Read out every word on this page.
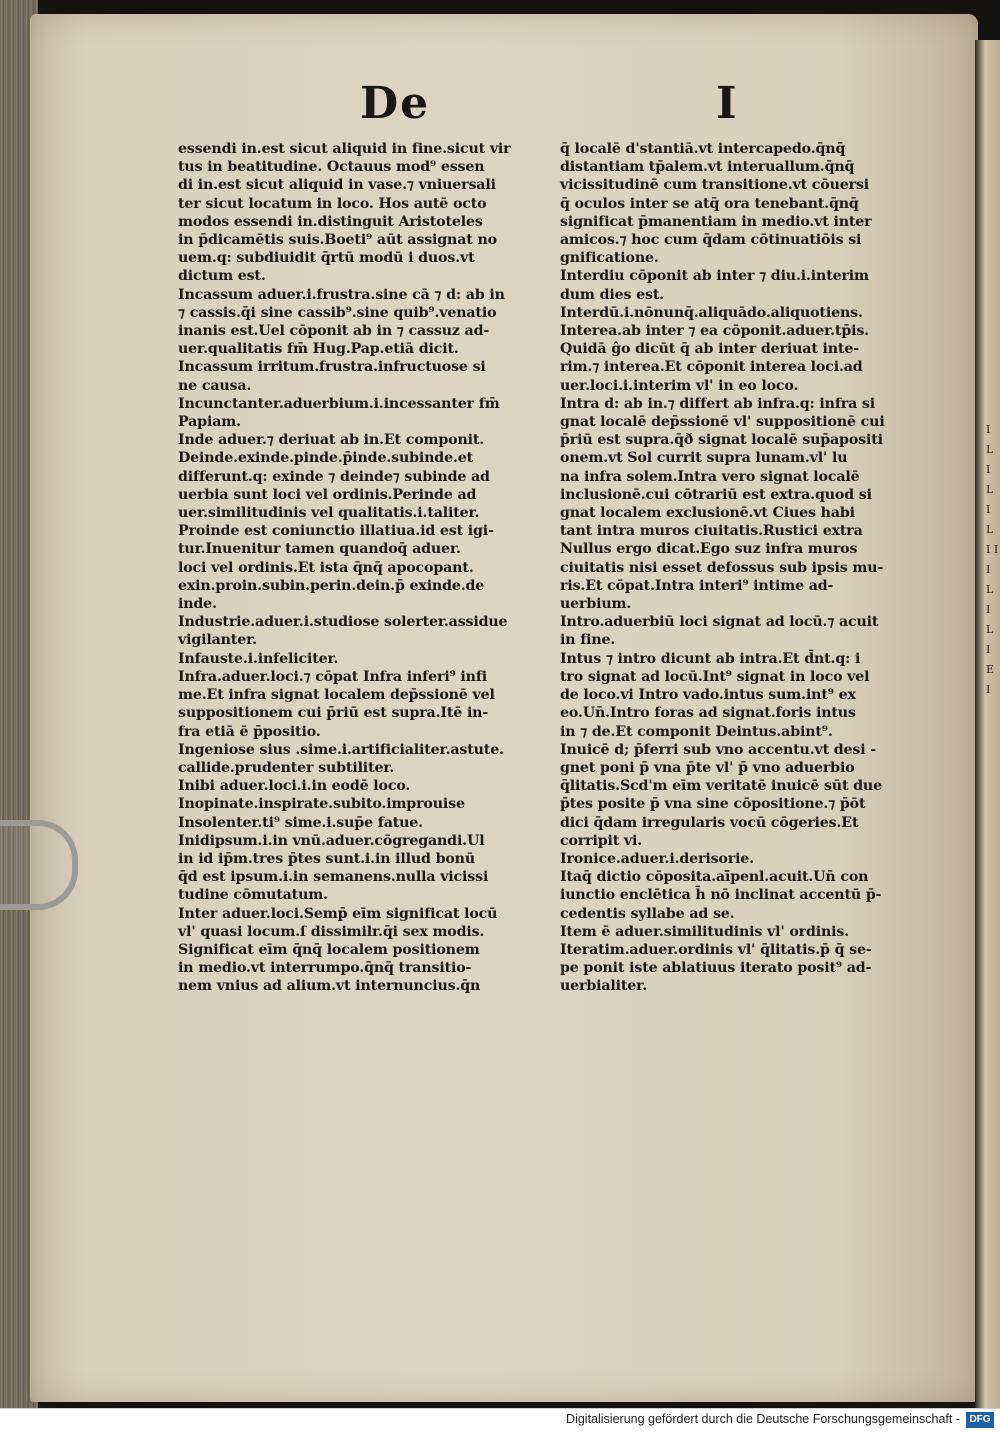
I L I L I L I I I L I L I E I
De	I
essendi in.est sicut aliquid in fine.sicut vir
tus in beatitudine. Octauus mod⁹ essen
di in.est sicut aliquid in vase.⁊ vniuersali
ter sicut locatum in loco. Hos autē octo
modos essendi in.distinguit Aristoteles
in p̄dicamētis suis.Boeti⁹ aūt assignat no
uem.q: subdiuidit q̄rtū modū i duos.vt
dictum est.
Incassum aduer.i.frustra.sine cā ⁊ d: ab in
⁊ cassis.q̄i sine cassib⁹.sine quib⁹.venatio
inanis est.Uel cōponit ab in ⁊ cassuz ad-
uer.qualitatis fm̄ Hug.Pap.etiā dicit.
Incassum irritum.frustra.infructuose si
ne causa.
Incunctanter.aduerbium.i.incessanter fm̄
Papiam.
Inde aduer.⁊ deriuat ab in.Et componit.
Deinde.exinde.pinde.p̄inde.subinde.et
differunt.q: exinde ⁊ deinde⁊ subinde ad
uerbia sunt loci vel ordinis.Perinde ad
uer.similitudinis vel qualitatis.i.taliter.
Proinde est coniunctio illatiua.id est igi-
tur.Inuenitur tamen quandoq̄ aduer.
loci vel ordinis.Et ista q̄nq̄ apocopant.
exin.proin.subin.perin.dein.p̄ exinde.de
inde.
Industrie.aduer.i.studiose solerter.assidue
vigilanter.
Infauste.i.infeliciter.
Infra.aduer.loci.⁊ cōpat Infra inferi⁹ infi
me.Et infra signat localem dep̄ssionē vel
suppositionem cui p̄riū est supra.Itē in-
fra etiā ē p̄positio.
Ingeniose sius .sime.i.artificialiter.astute.
callide.prudenter subtiliter.
Inibi aduer.loci.i.in eodē loco.
Inopinate.inspirate.subito.improuise
Insolenter.ti⁹ sime.i.sup̄e fatue.
Inidipsum.i.in vnū.aduer.cōgregandi.Ul
in id ip̄m.tres p̄tes sunt.i.in illud bonū
q̄d est ipsum.i.in semanens.nulla vicissi
tudine cōmutatum.
Inter aduer.loci.Semp̄ eīm significat locū
vl' quasi locum.ſ dissimilr.q̄i sex modis.
Significat eīm q̄nq̄ localem positionem
in medio.vt interrumpo.q̄nq̄ transitio-
nem vnius ad alium.vt internuncius.q̄n
q̄ localē d'stantiā.vt intercapedo.q̄nq̄
distantiam tp̄alem.vt interuallum.q̄nq̄
vicissitudinē cum transitione.vt cōuersi
q̄ oculos inter se atq̄ ora tenebant.q̄nq̄
significat p̄manentiam in medio.vt inter
amicos.⁊ hoc cum q̄dam cōtinuatiōis si
gnificatione.
Interdiu cōponit ab inter ⁊ diu.i.interim
dum dies est.
Interdū.i.nōnunq̄.aliquādo.aliquotiens.
Interea.ab inter ⁊ ea cōponit.aduer.tp̄is.
Quidā ĝo dicūt q̄ ab inter deriuat inte-
rim.⁊ interea.Et cōponit interea loci.ad
uer.loci.i.interim vl' in eo loco.
Intra d: ab in.⁊ differt ab infra.q: infra si
gnat localē dep̄ssionē vl' suppositionē cui
p̄riū est supra.q̄ð signat localē sup̄apositi
onem.vt Sol currit supra lunam.vl' lu
na infra solem.Intra vero signat localē
inclusionē.cui cōtrariū est extra.quod si
gnat localem exclusionē.vt Ciues habi
tant intra muros ciuitatis.Rustici extra
Nullus ergo dicat.Ego suz infra muros
ciuitatis nisi esset defossus sub ipsis mu-
ris.Et cōpat.Intra interi⁹ intime ad-
uerbium.
Intro.aduerbiū loci signat ad locū.⁊ acuit
in fine.
Intus ⁊ intro dicunt ab intra.Et d̄nt.q: i
tro signat ad locū.Int⁹ signat in loco vel
de loco.vi Intro vado.intus sum.int⁹ ex
eo.Un̄.Intro foras ad signat.foris intus
in ⁊ de.Et componit Deintus.abint⁹.
Inuicē d; p̄ferri sub vno accentu.vt desi -
gnet poni p̄ vna p̄te vl' p̄ vno aduerbio
q̄litatis.Scd'm eīm veritatē inuicē sūt due
p̄tes posite p̄ vna sine cōpositione.⁊ p̄ōt
dici q̄dam irregularis vocū cōgeries.Et
corripit vi.
Ironice.aduer.i.derisorie.
Itaq̄ dictio cōposita.aī̄penl.acuit.Un̄ con
iunctio enclētica h̄ nō inclinat accentū p̄-
cedentis syllabe ad se.
Item ē aduer.similitudinis vl' ordinis.
Iteratim.aduer.ordinis vl' q̄litatis.p̄ q̄ se-
pe ponit iste ablatiuus iterato posit⁹ ad-
uerbialiter.
Digitalisierung gefördert durch die Deutsche Forschungsgemeinschaft - DFG
